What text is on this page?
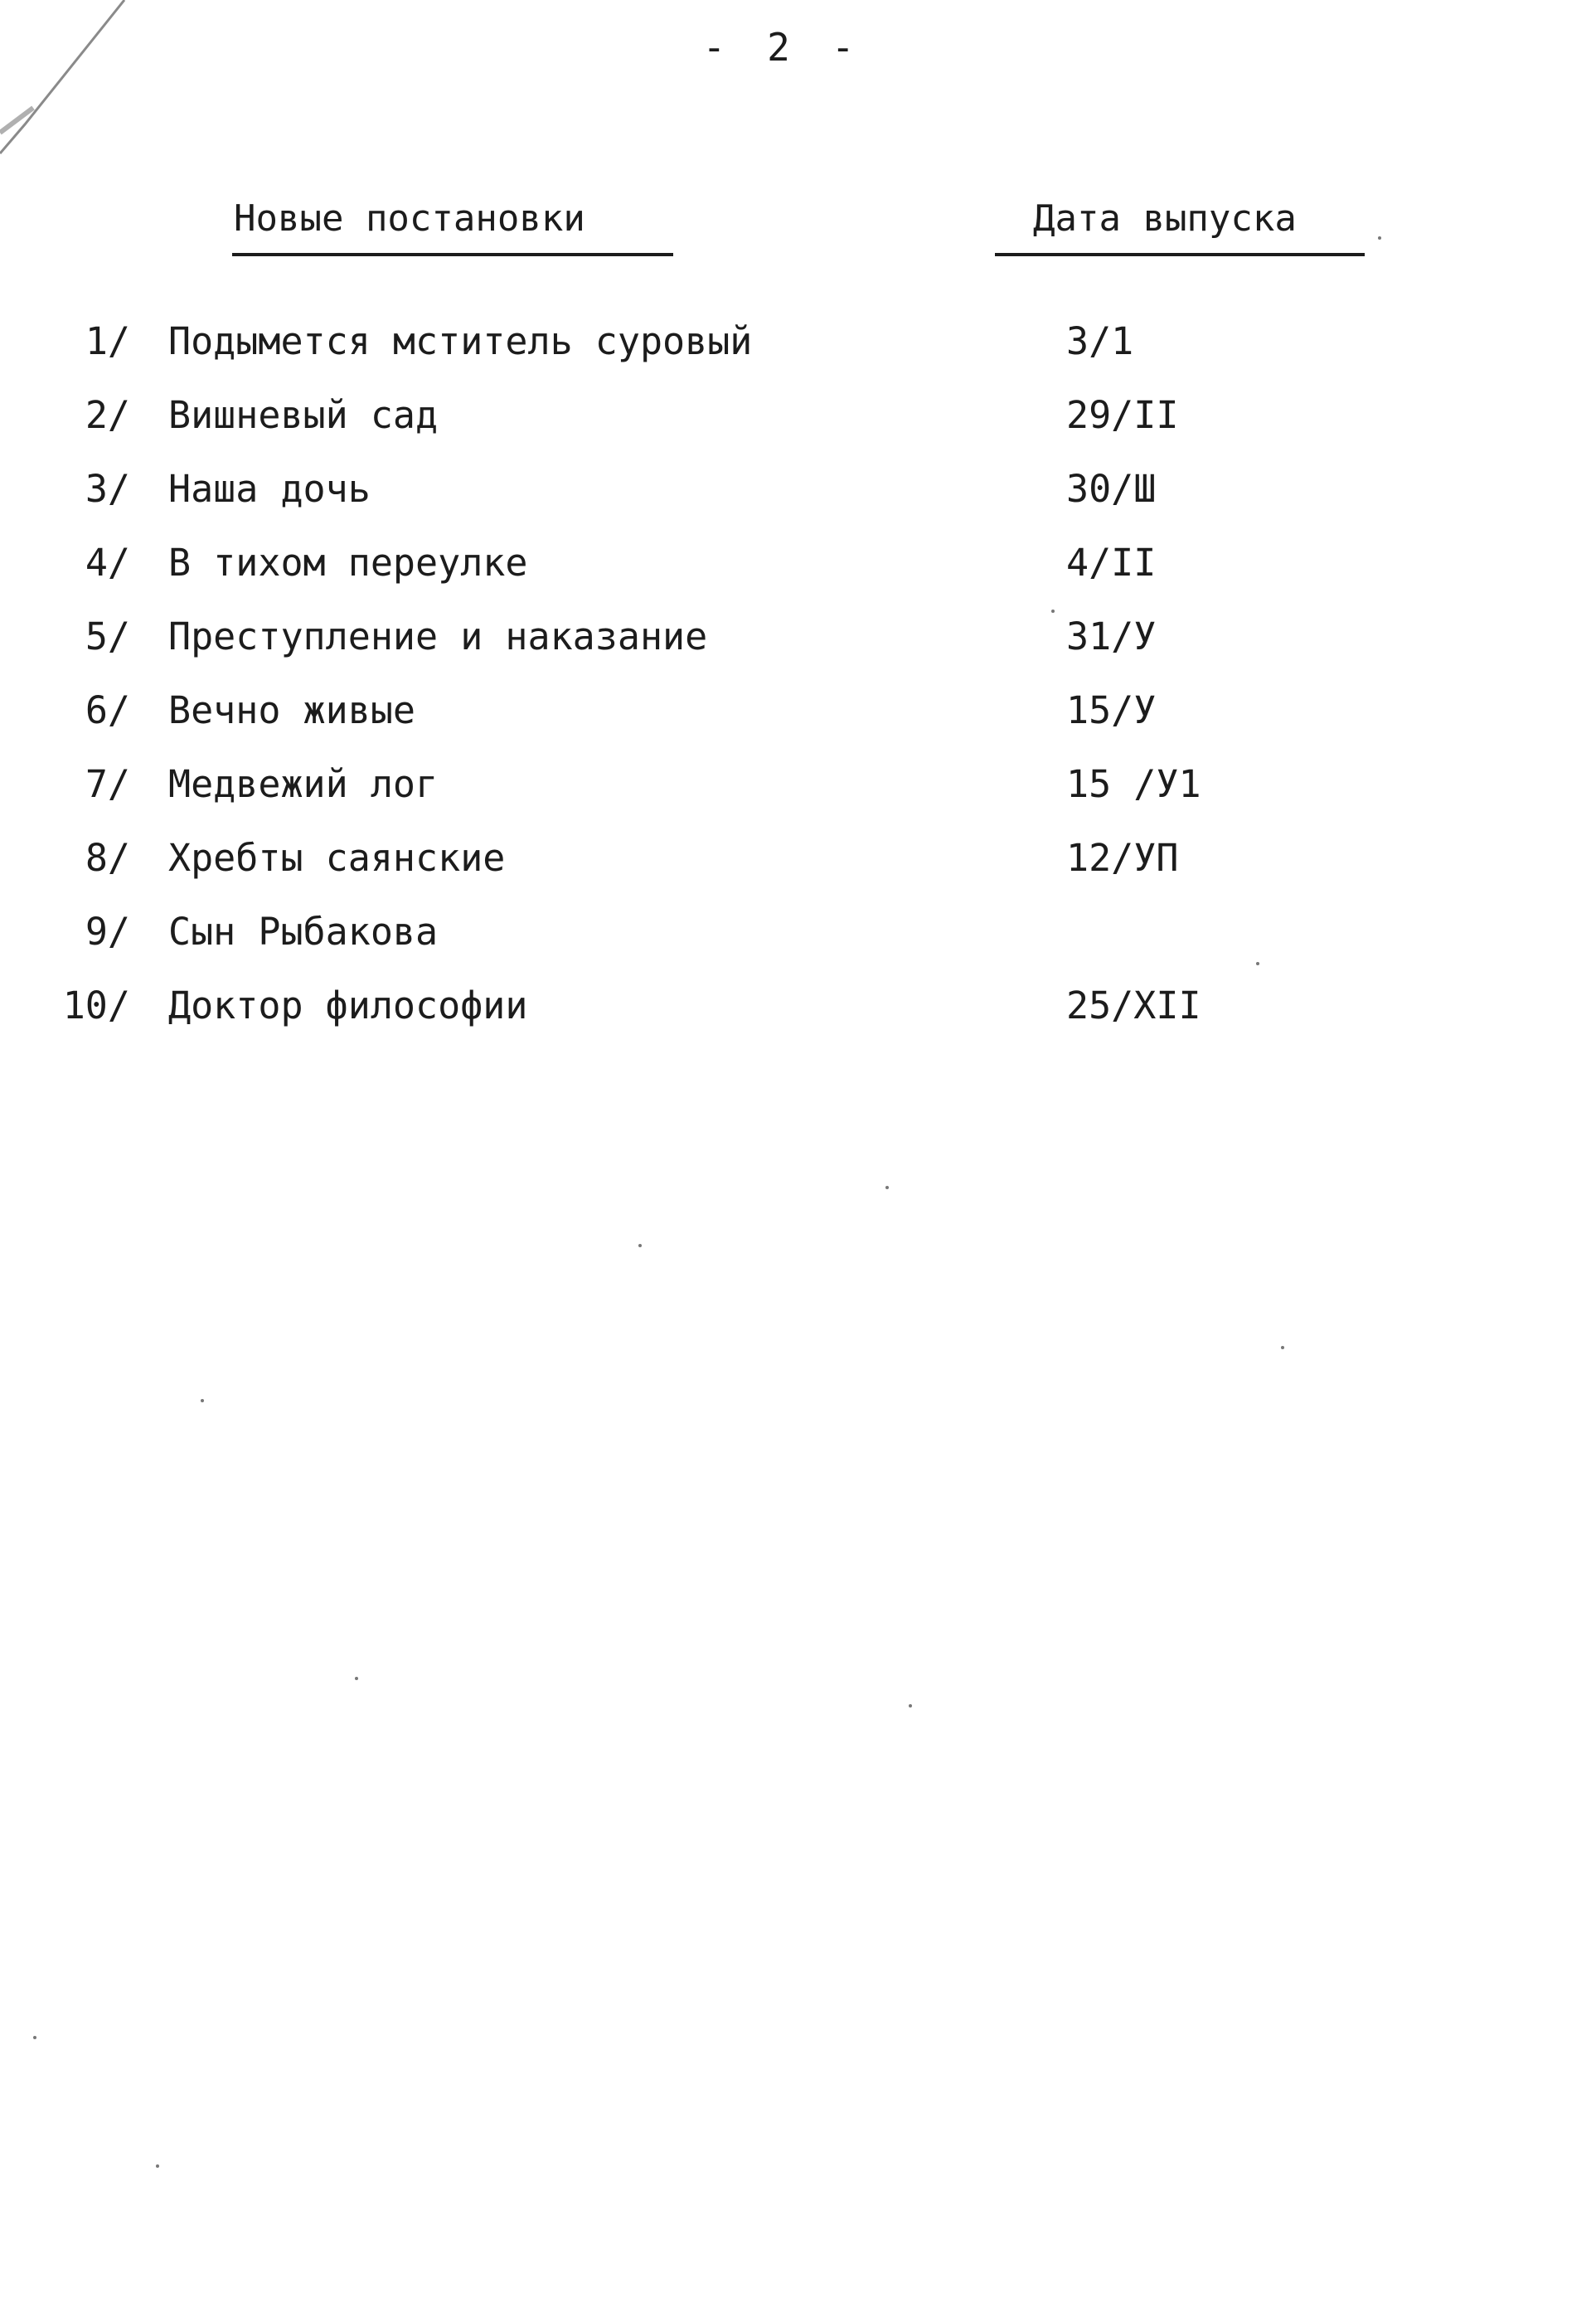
- 2 -
Новые постановки	Дата выпуска
1/ Подымется мститель суровый	3/1
2/ Вишневый сад	29/II
3/ Наша дочь	30/Ш
4/ В тихом переулке	4/II
5/ Преступление и наказание	31/У
6/ Вечно живые	15/У
7/ Медвежий лог	15 /У1
8/ Хребты саянские	12/УП
9/ Сын Рыбакова
10/ Доктор философии	25/XII
